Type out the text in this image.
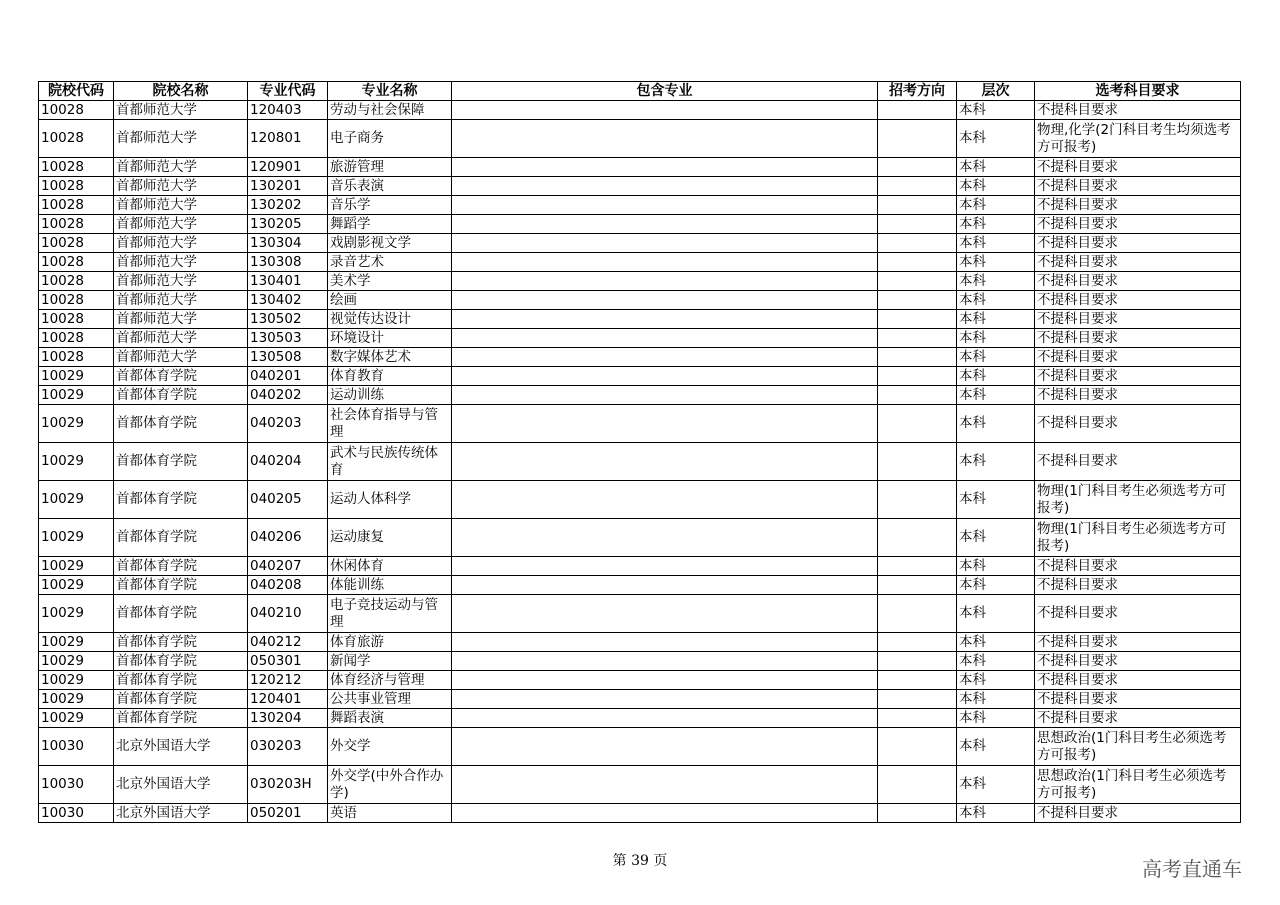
院校代码	院校名称	专业代码	专业名称	包含专业	招考方向	层次	选考科目要求
10028	首都师范大学	120403	劳动与社会保障			本科	不提科目要求
10028	首都师范大学	120801	电子商务			本科	物理,化学(2门科目考生均须选考方可报考)
10028	首都师范大学	120901	旅游管理			本科	不提科目要求
10028	首都师范大学	130201	音乐表演			本科	不提科目要求
10028	首都师范大学	130202	音乐学			本科	不提科目要求
10028	首都师范大学	130205	舞蹈学			本科	不提科目要求
10028	首都师范大学	130304	戏剧影视文学			本科	不提科目要求
10028	首都师范大学	130308	录音艺术			本科	不提科目要求
10028	首都师范大学	130401	美术学			本科	不提科目要求
10028	首都师范大学	130402	绘画			本科	不提科目要求
10028	首都师范大学	130502	视觉传达设计			本科	不提科目要求
10028	首都师范大学	130503	环境设计			本科	不提科目要求
10028	首都师范大学	130508	数字媒体艺术			本科	不提科目要求
10029	首都体育学院	040201	体育教育			本科	不提科目要求
10029	首都体育学院	040202	运动训练			本科	不提科目要求
10029	首都体育学院	040203	社会体育指导与管理			本科	不提科目要求
10029	首都体育学院	040204	武术与民族传统体育			本科	不提科目要求
10029	首都体育学院	040205	运动人体科学			本科	物理(1门科目考生必须选考方可报考)
10029	首都体育学院	040206	运动康复			本科	物理(1门科目考生必须选考方可报考)
10029	首都体育学院	040207	休闲体育			本科	不提科目要求
10029	首都体育学院	040208	体能训练			本科	不提科目要求
10029	首都体育学院	040210	电子竞技运动与管理			本科	不提科目要求
10029	首都体育学院	040212	体育旅游			本科	不提科目要求
10029	首都体育学院	050301	新闻学			本科	不提科目要求
10029	首都体育学院	120212	体育经济与管理			本科	不提科目要求
10029	首都体育学院	120401	公共事业管理			本科	不提科目要求
10029	首都体育学院	130204	舞蹈表演			本科	不提科目要求
10030	北京外国语大学	030203	外交学			本科	思想政治(1门科目考生必须选考方可报考)
10030	北京外国语大学	030203H	外交学(中外合作办学)			本科	思想政治(1门科目考生必须选考方可报考)
10030	北京外国语大学	050201	英语			本科	不提科目要求
第 39 页	高考直通车
